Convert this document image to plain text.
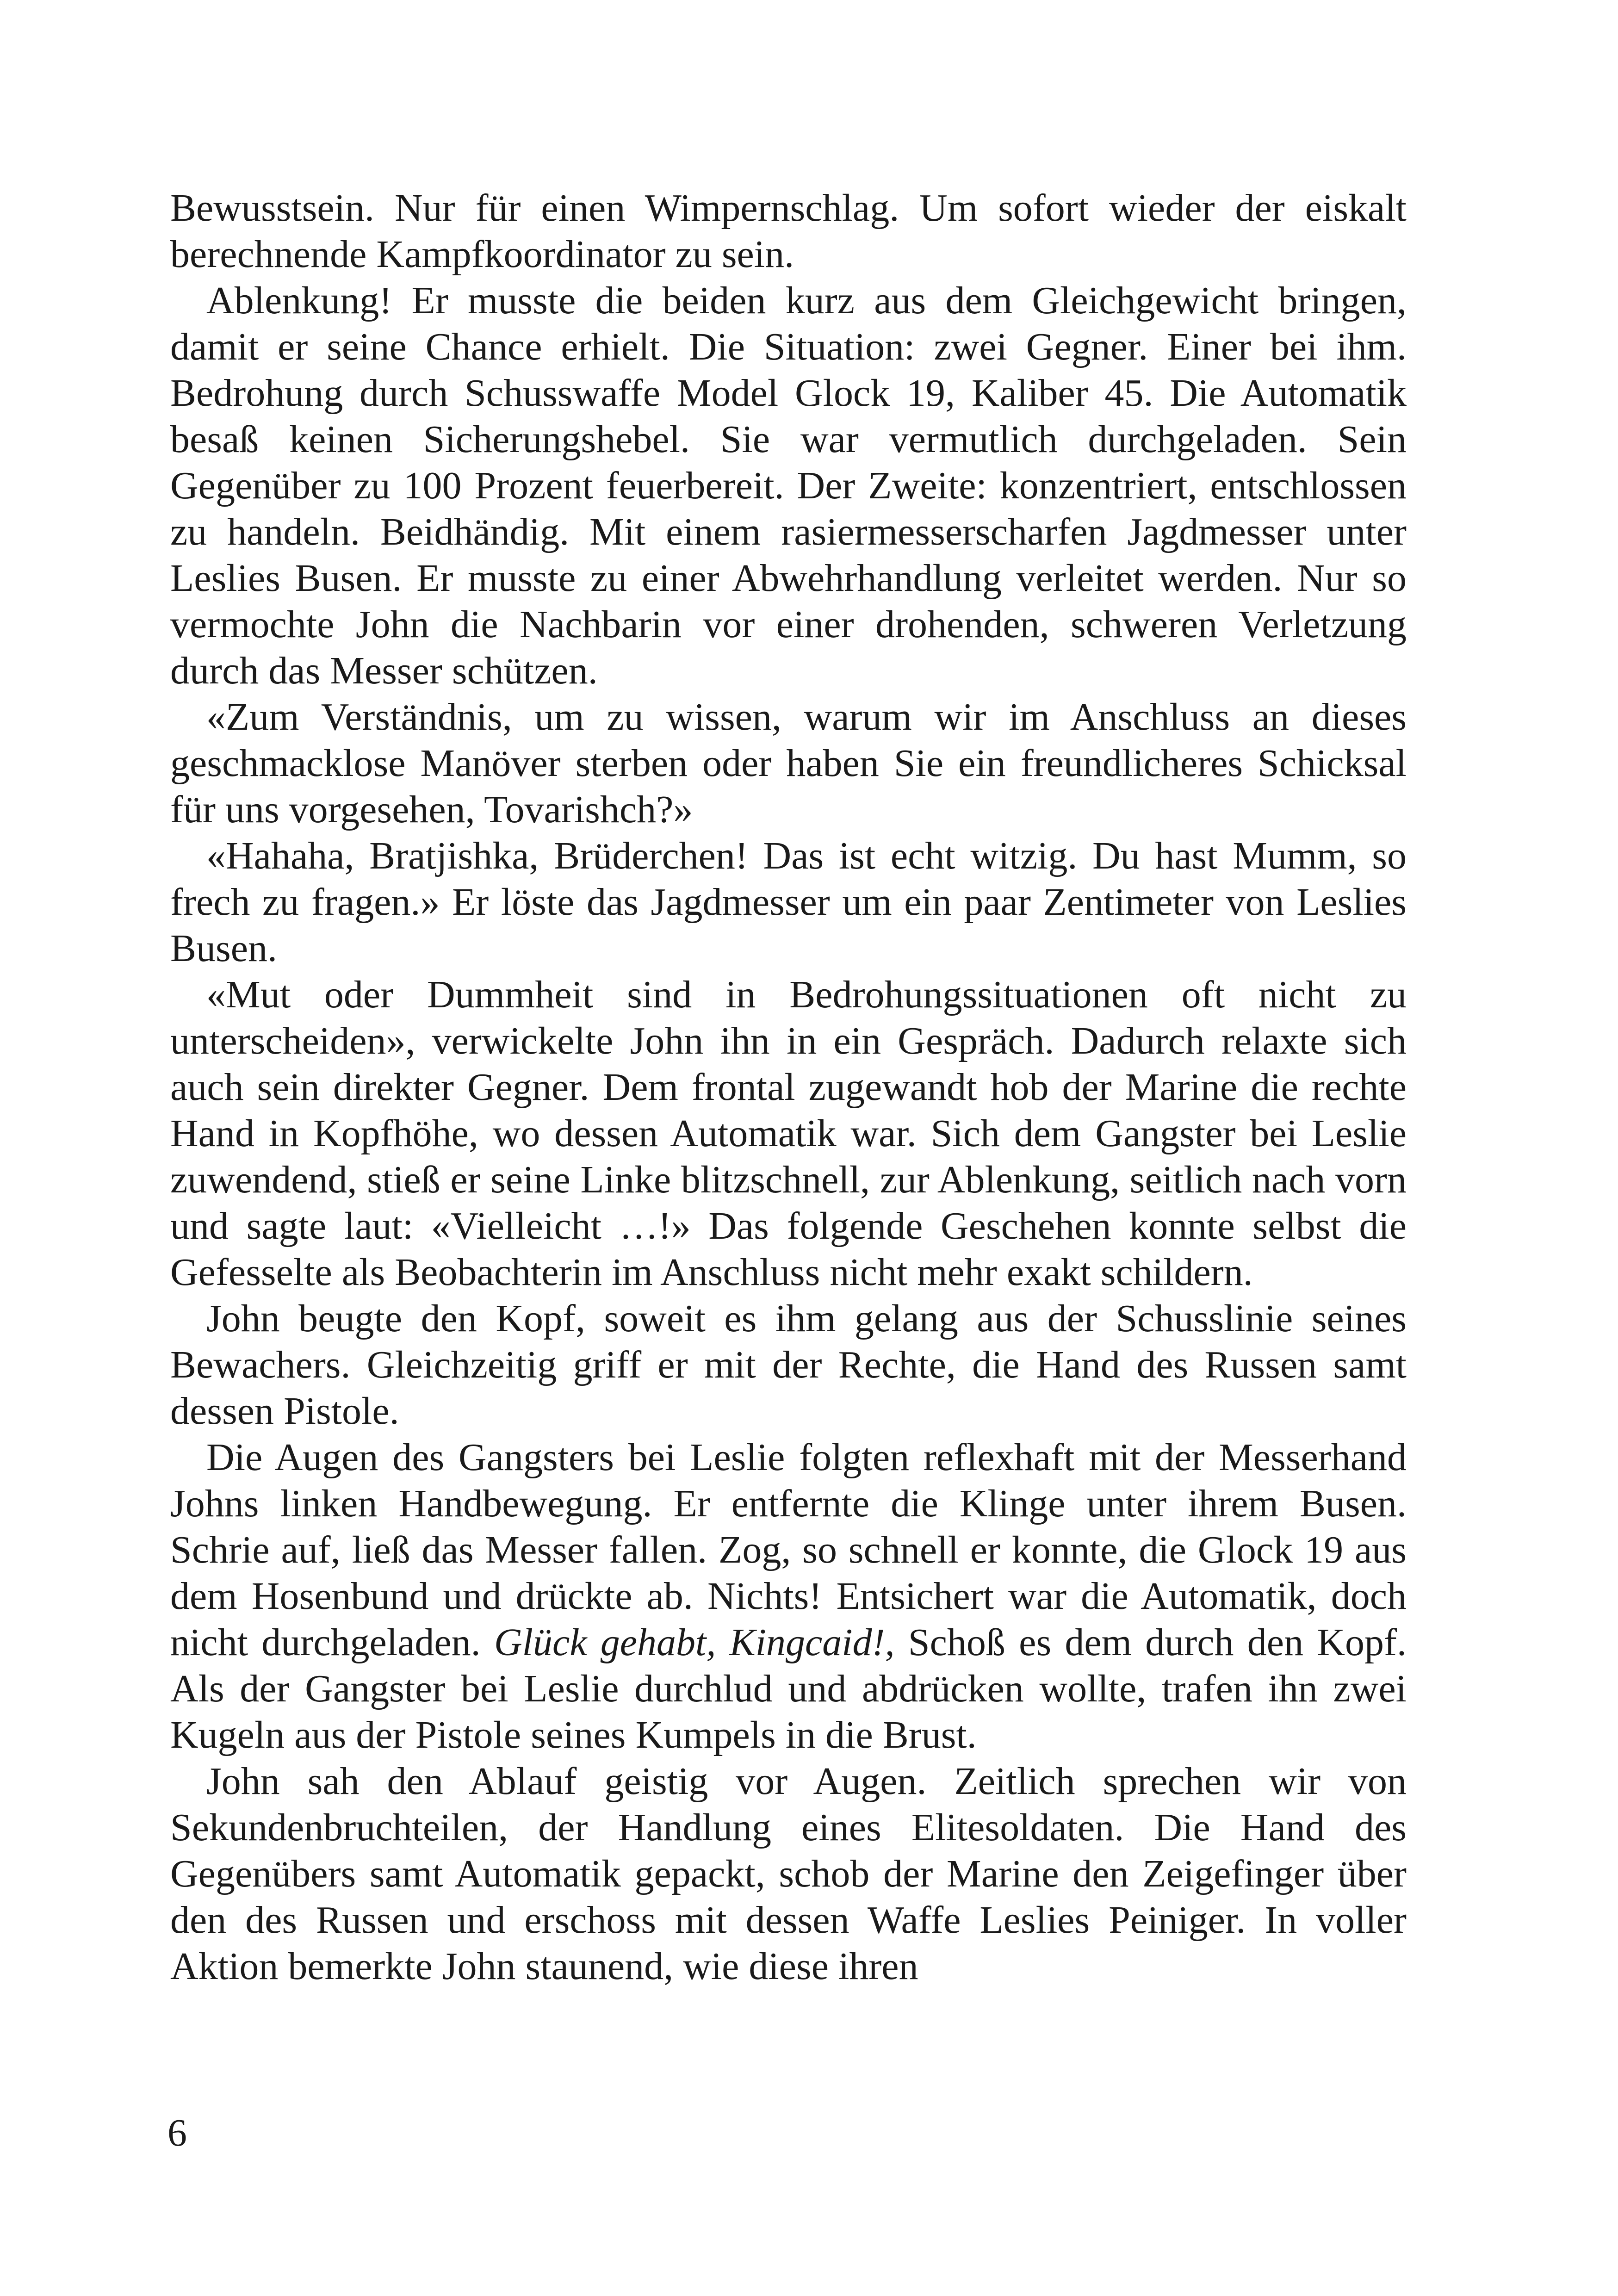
Bewusstsein. Nur für einen Wimpernschlag. Um sofort wieder der eiskalt berechnende Kampfkoordinator zu sein.

Ablenkung! Er musste die beiden kurz aus dem Gleichgewicht bringen, damit er seine Chance erhielt. Die Situation: zwei Gegner. Einer bei ihm. Bedrohung durch Schusswaffe Model Glock 19, Kaliber 45. Die Automatik besaß keinen Sicherungshebel. Sie war vermutlich durchgeladen. Sein Gegenüber zu 100 Prozent feuerbereit. Der Zweite: konzentriert, entschlossen zu handeln. Beidhändig. Mit einem rasiermesserscharfen Jagdmesser unter Leslies Busen. Er musste zu einer Abwehrhandlung verleitet werden. Nur so vermochte John die Nachbarin vor einer drohenden, schweren Verletzung durch das Messer schützen.

«Zum Verständnis, um zu wissen, warum wir im Anschluss an dieses geschmacklose Manöver sterben oder haben Sie ein freundlicheres Schicksal für uns vorgesehen, Tovarishch?»

«Hahaha, Bratjishka, Brüderchen! Das ist echt witzig. Du hast Mumm, so frech zu fragen.» Er löste das Jagdmesser um ein paar Zentimeter von Leslies Busen.

«Mut oder Dummheit sind in Bedrohungssituationen oft nicht zu unterscheiden», verwickelte John ihn in ein Gespräch. Dadurch relaxte sich auch sein direkter Gegner. Dem frontal zugewandt hob der Marine die rechte Hand in Kopfhöhe, wo dessen Automatik war. Sich dem Gangster bei Leslie zuwendend, stieß er seine Linke blitzschnell, zur Ablenkung, seitlich nach vorn und sagte laut: «Vielleicht …!» Das folgende Geschehen konnte selbst die Gefesselte als Beobachterin im Anschluss nicht mehr exakt schildern.

John beugte den Kopf, soweit es ihm gelang aus der Schusslinie seines Bewachers. Gleichzeitig griff er mit der Rechte, die Hand des Russen samt dessen Pistole.

Die Augen des Gangsters bei Leslie folgten reflexhaft mit der Messerhand Johns linken Handbewegung. Er entfernte die Klinge unter ihrem Busen. Schrie auf, ließ das Messer fallen. Zog, so schnell er konnte, die Glock 19 aus dem Hosenbund und drückte ab. Nichts! Entsichert war die Automatik, doch nicht durchgeladen. Glück gehabt, Kingcaid!, Schoß es dem durch den Kopf. Als der Gangster bei Leslie durchlud und abdrücken wollte, trafen ihn zwei Kugeln aus der Pistole seines Kumpels in die Brust.

John sah den Ablauf geistig vor Augen. Zeitlich sprechen wir von Sekundenbruchteilen, der Handlung eines Elitesoldaten. Die Hand des Gegenübers samt Automatik gepackt, schob der Marine den Zeigefinger über den des Russen und erschoss mit dessen Waffe Leslies Peiniger. In voller Aktion bemerkte John staunend, wie diese ihren

6
